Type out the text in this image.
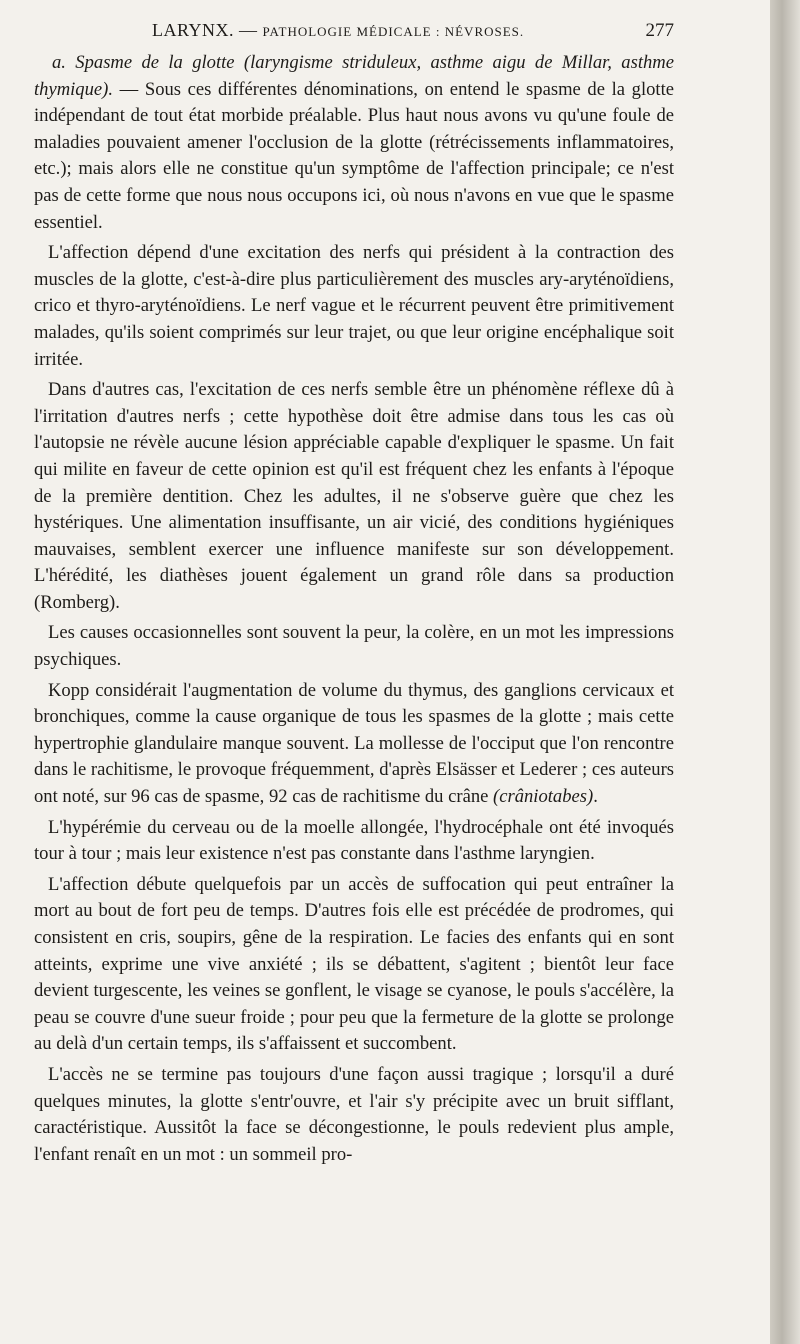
LARYNX. — PATHOLOGIE MÉDICALE : NÉVROSES.	277

a. Spasme de la glotte (laryngisme striduleux, asthme aigu de Millar, asthme thymique). — Sous ces différentes dénominations, on entend le spasme de la glotte indépendant de tout état morbide préalable. Plus haut nous avons vu qu'une foule de maladies pouvaient amener l'occlusion de la glotte (rétrécissements inflammatoires, etc.); mais alors elle ne constitue qu'un symptôme de l'affection principale; ce n'est pas de cette forme que nous nous occupons ici, où nous n'avons en vue que le spasme essentiel.

L'affection dépend d'une excitation des nerfs qui président à la contraction des muscles de la glotte, c'est-à-dire plus particulièrement des muscles ary-aryténoïdiens, crico et thyro-aryténoïdiens. Le nerf vague et le récurrent peuvent être primitivement malades, qu'ils soient comprimés sur leur trajet, ou que leur origine encéphalique soit irritée.

Dans d'autres cas, l'excitation de ces nerfs semble être un phénomène réflexe dû à l'irritation d'autres nerfs ; cette hypothèse doit être admise dans tous les cas où l'autopsie ne révèle aucune lésion appréciable capable d'expliquer le spasme. Un fait qui milite en faveur de cette opinion est qu'il est fréquent chez les enfants à l'époque de la première dentition. Chez les adultes, il ne s'observe guère que chez les hystériques. Une alimentation insuffisante, un air vicié, des conditions hygiéniques mauvaises, semblent exercer une influence manifeste sur son développement. L'hérédité, les diathèses jouent également un grand rôle dans sa production (Romberg).

Les causes occasionnelles sont souvent la peur, la colère, en un mot les impressions psychiques.

Kopp considérait l'augmentation de volume du thymus, des ganglions cervicaux et bronchiques, comme la cause organique de tous les spasmes de la glotte ; mais cette hypertrophie glandulaire manque souvent. La mollesse de l'occiput que l'on rencontre dans le rachitisme, le provoque fréquemment, d'après Elsässer et Lederer ; ces auteurs ont noté, sur 96 cas de spasme, 92 cas de rachitisme du crâne (crâniotabes).

L'hypérémie du cerveau ou de la moelle allongée, l'hydrocéphale ont été invoqués tour à tour ; mais leur existence n'est pas constante dans l'asthme laryngien.

L'affection débute quelquefois par un accès de suffocation qui peut entraîner la mort au bout de fort peu de temps. D'autres fois elle est précédée de prodromes, qui consistent en cris, soupirs, gêne de la respiration. Le facies des enfants qui en sont atteints, exprime une vive anxiété ; ils se débattent, s'agitent ; bientôt leur face devient turgescente, les veines se gonflent, le visage se cyanose, le pouls s'accélère, la peau se couvre d'une sueur froide ; pour peu que la fermeture de la glotte se prolonge au delà d'un certain temps, ils s'affaissent et succombent.

L'accès ne se termine pas toujours d'une façon aussi tragique ; lorsqu'il a duré quelques minutes, la glotte s'entr'ouvre, et l'air s'y précipite avec un bruit sifflant, caractéristique. Aussitôt la face se décongestionne, le pouls redevient plus ample, l'enfant renaît en un mot : un sommeil pro-
